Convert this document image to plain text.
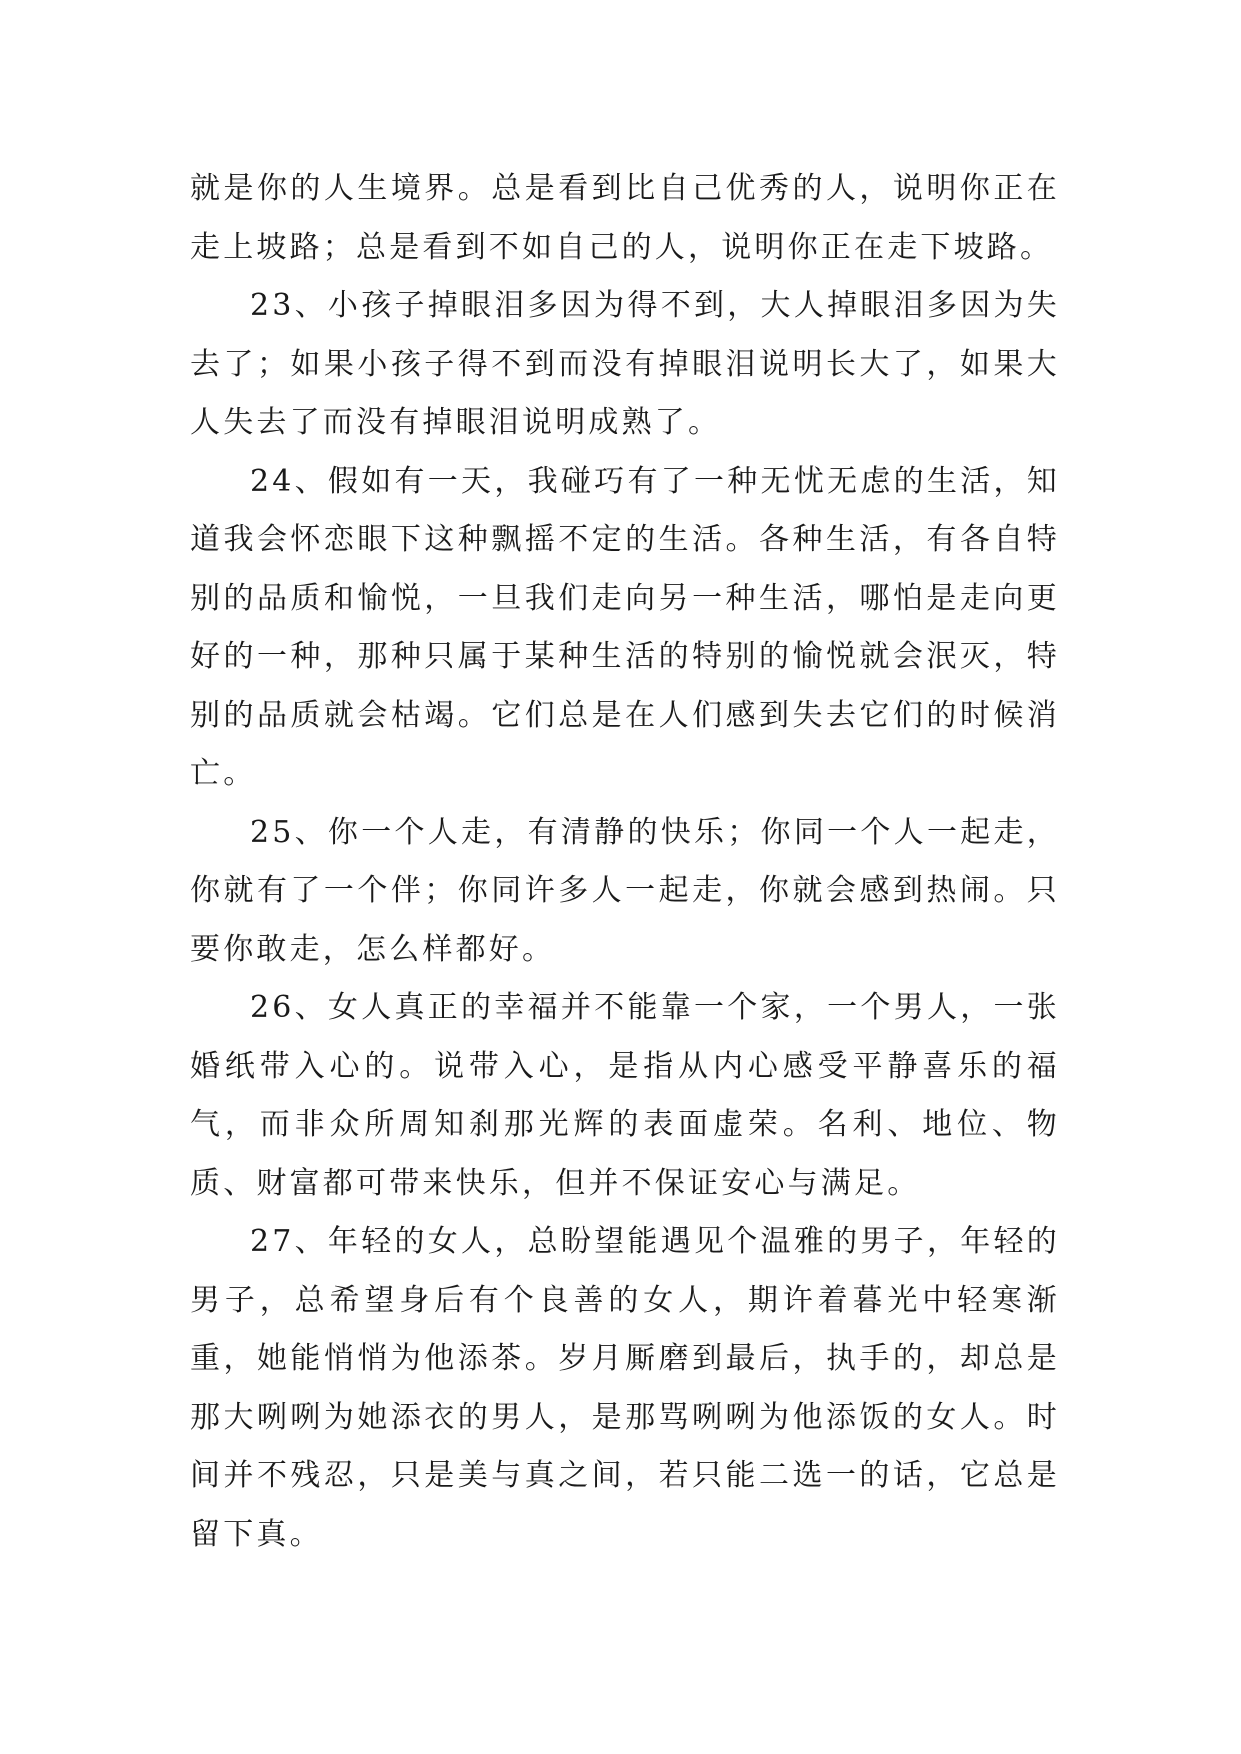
就是你的人生境界。总是看到比自己优秀的人，说明你正在走上坡路；总是看到不如自己的人，说明你正在走下坡路。

23、小孩子掉眼泪多因为得不到，大人掉眼泪多因为失去了；如果小孩子得不到而没有掉眼泪说明长大了，如果大人失去了而没有掉眼泪说明成熟了。

24、假如有一天，我碰巧有了一种无忧无虑的生活，知道我会怀恋眼下这种飘摇不定的生活。各种生活，有各自特别的品质和愉悦，一旦我们走向另一种生活，哪怕是走向更好的一种，那种只属于某种生活的特别的愉悦就会泯灭，特别的品质就会枯竭。它们总是在人们感到失去它们的时候消亡。

25、你一个人走，有清静的快乐；你同一个人一起走，你就有了一个伴；你同许多人一起走，你就会感到热闹。只要你敢走，怎么样都好。

26、女人真正的幸福并不能靠一个家，一个男人，一张婚纸带入心的。说带入心，是指从内心感受平静喜乐的福气，而非众所周知刹那光辉的表面虚荣。名利、地位、物质、财富都可带来快乐，但并不保证安心与满足。

27、年轻的女人，总盼望能遇见个温雅的男子，年轻的男子，总希望身后有个良善的女人，期许着暮光中轻寒渐重，她能悄悄为他添茶。岁月厮磨到最后，执手的，却总是那大咧咧为她添衣的男人，是那骂咧咧为他添饭的女人。时间并不残忍，只是美与真之间，若只能二选一的话，它总是留下真。
